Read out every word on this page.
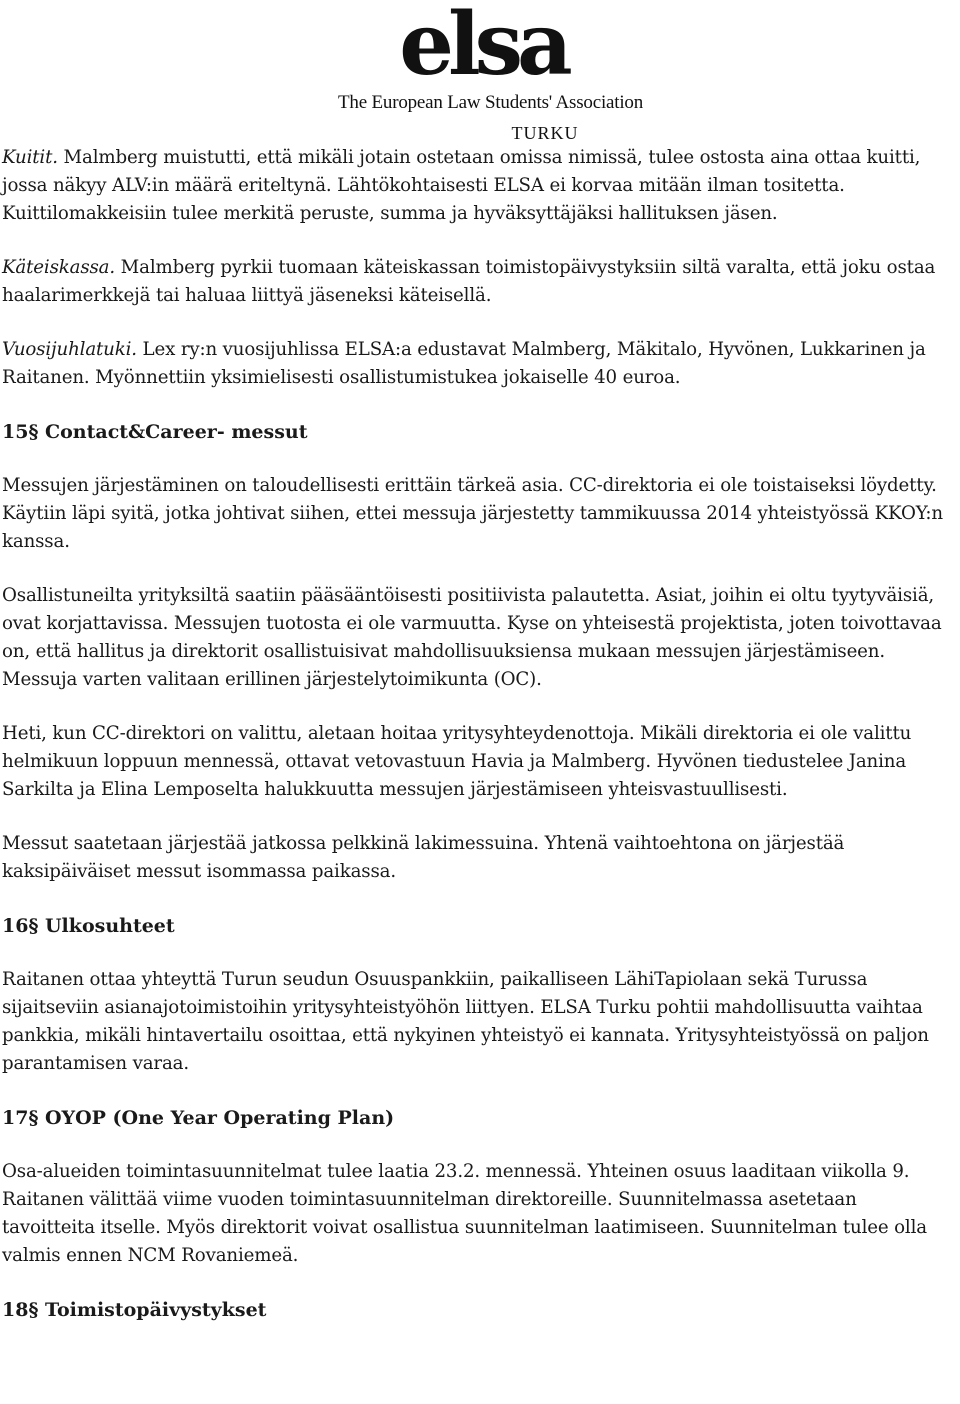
elsa
The European Law Students' Association
TURKU

Kuitit. Malmberg muistutti, että mikäli jotain ostetaan omissa nimissä, tulee ostosta aina ottaa kuitti, jossa näkyy ALV:in määrä eriteltynä. Lähtökohtaisesti ELSA ei korvaa mitään ilman tositetta. Kuittilomakkeisiin tulee merkitä peruste, summa ja hyväksyttäjäksi hallituksen jäsen.

Käteiskassa. Malmberg pyrkii tuomaan käteiskassan toimistopäivystyksiin siltä varalta, että joku ostaa haalarimerkkejä tai haluaa liittyä jäseneksi käteisellä.

Vuosijuhlatuki. Lex ry:n vuosijuhlissa ELSA:a edustavat Malmberg, Mäkitalo, Hyvönen, Lukkarinen ja Raitanen. Myönnettiin yksimielisesti osallistumistukea jokaiselle 40 euroa.

15§ Contact&Career- messut

Messujen järjestäminen on taloudellisesti erittäin tärkeä asia. CC-direktoria ei ole toistaiseksi löydetty. Käytiin läpi syitä, jotka johtivat siihen, ettei messuja järjestetty tammikuussa 2014 yhteistyössä KKOY:n kanssa.

Osallistuneilta yrityksiltä saatiin pääsääntöisesti positiivista palautetta. Asiat, joihin ei oltu tyytyväisiä, ovat korjattavissa. Messujen tuotosta ei ole varmuutta. Kyse on yhteisestä projektista, joten toivottavaa on, että hallitus ja direktorit osallistuisivat mahdollisuuksiensa mukaan messujen järjestämiseen. Messuja varten valitaan erillinen järjestelytoimikunta (OC).

Heti, kun CC-direktori on valittu, aletaan hoitaa yritysyhteydenottoja. Mikäli direktoria ei ole valittu helmikuun loppuun mennessä, ottavat vetovastuun Havia ja Malmberg. Hyvönen tiedustelee Janina Sarkilta ja Elina Lemposelta halukkuutta messujen järjestämiseen yhteisvastuullisesti.

Messut saatetaan järjestää jatkossa pelkkinä lakimessuina. Yhtenä vaihtoehtona on järjestää kaksipäiväiset messut isommassa paikassa.

16§ Ulkosuhteet

Raitanen ottaa yhteyttä Turun seudun Osuuspankkiin, paikalliseen LähiTapiolaan sekä Turussa sijaitseviin asianajotoimistoihin yritysyhteistyöhön liittyen. ELSA Turku pohtii mahdollisuutta vaihtaa pankkia, mikäli hintavertailu osoittaa, että nykyinen yhteistyö ei kannata. Yritysyhteistyössä on paljon parantamisen varaa.

17§ OYOP (One Year Operating Plan)

Osa-alueiden toimintasuunnitelmat tulee laatia 23.2. mennessä. Yhteinen osuus laaditaan viikolla 9. Raitanen välittää viime vuoden toimintasuunnitelman direktoreille. Suunnitelmassa asetetaan tavoitteita itselle. Myös direktorit voivat osallistua suunnitelman laatimiseen. Suunnitelman tulee olla valmis ennen NCM Rovaniemeä.

18§ Toimistopäivystykset
